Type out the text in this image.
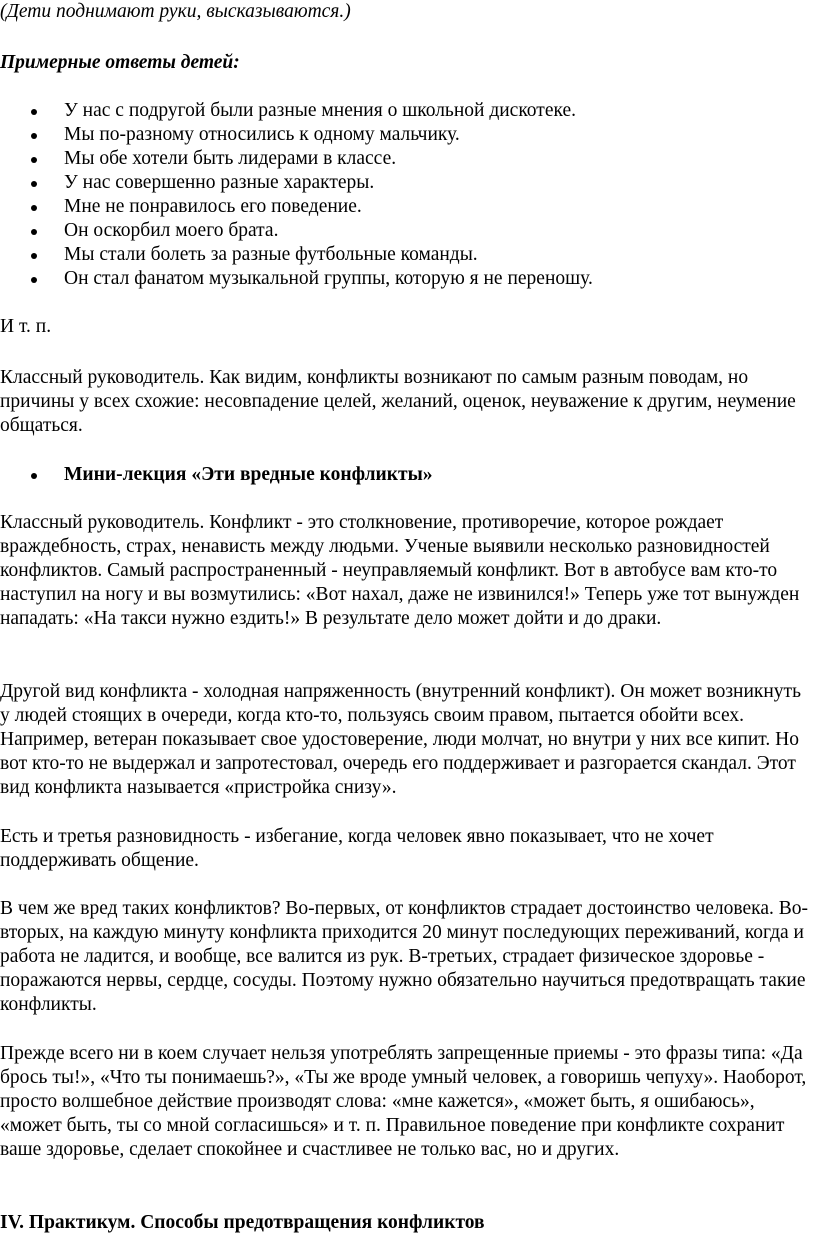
(Дети поднимают руки, высказываются.)

Примерные ответы детей:

У нас с подругой были разные мнения о школьной дискотеке.
Мы по-разному относились к одному мальчику.
Мы обе хотели быть лидерами в классе.
У нас совершенно разные характеры.
Мне не понравилось его поведение.
Он оскорбил моего брата.
Мы стали болеть за разные футбольные команды.
Он стал фанатом музыкальной группы, которую я не переношу.

И т. п.

Классный руководитель. Как видим, конфликты возникают по самым разным поводам, но причины у всех схожие: несовпадение целей, желаний, оценок, неуважение к другим, неумение общаться.

Мини-лекция «Эти вредные конфликты»

Классный руководитель. Конфликт - это столкновение, противоречие, которое рождает враждебность, страх, ненависть между людьми. Ученые выявили несколько разновидностей конфликтов. Самый распространенный - неуправляемый конфликт. Вот в автобусе вам кто-то наступил на ногу и вы возмутились: «Вот нахал, даже не извинился!» Теперь уже тот вынужден нападать: «На такси нужно ездить!» В результате дело может дойти и до драки.

Другой вид конфликта - холодная напряженность (внутренний конфликт). Он может возникнуть у людей стоящих в очереди, когда кто-то, пользуясь своим правом, пытается обойти всех. Например, ветеран показывает свое удостоверение, люди молчат, но внутри у них все кипит. Но вот кто-то не выдержал и запротестовал, очередь его поддерживает и разгорается скандал. Этот вид конфликта называется «пристройка снизу».

Есть и третья разновидность - избегание, когда человек явно показывает, что не хочет поддерживать общение.

В чем же вред таких конфликтов? Во-первых, от конфликтов страдает достоинство человека. Во-вторых, на каждую минуту конфликта приходится 20 минут последующих переживаний, когда и работа не ладится, и вообще, все валится из рук. В-третьих, страдает физическое здоровье - поражаются нервы, сердце, сосуды. Поэтому нужно обязательно научиться предотвращать такие конфликты.

Прежде всего ни в коем случает нельзя употреблять запрещенные приемы - это фразы типа: «Да брось ты!», «Что ты понимаешь?», «Ты же вроде умный человек, а говоришь чепуху». Наоборот, просто волшебное действие производят слова: «мне кажется», «может быть, я ошибаюсь», «может быть, ты со мной согласишься» и т. п. Правильное поведение при конфликте сохранит ваше здоровье, сделает спокойнее и счастливее не только вас, но и других.

IV. Практикум. Способы предотвращения конфликтов
